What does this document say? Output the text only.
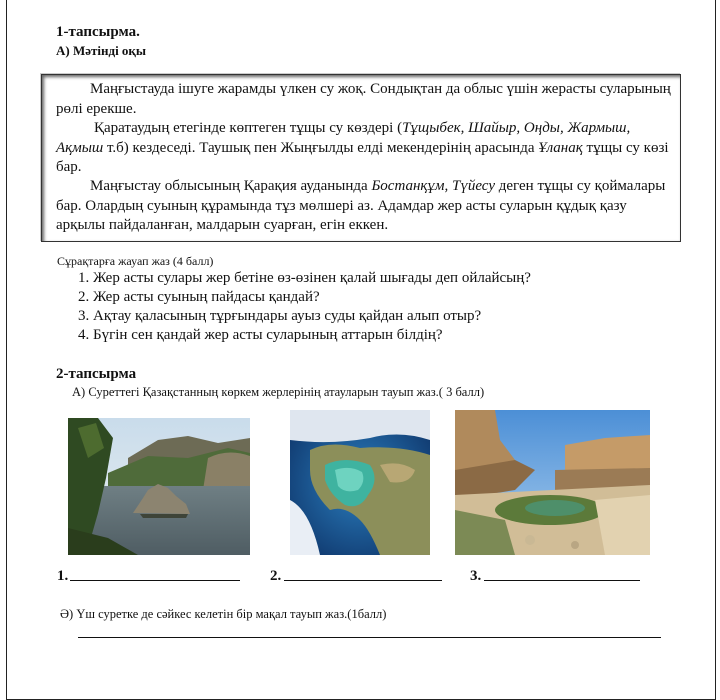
1-тапсырма.
А) Мәтінді оқы
Маңғыстауда ішуге жарамды үлкен су жоқ. Сондықтан да облыс үшін жерасты суларының рөлі ерекше.
Қаратаудың етегінде көптеген тұщы су көздері (Тұщыбек, Шайыр, Оңды, Жармыш, Ақмыш т.б) кездеседі. Таушық пен Жыңғылды елді мекендерінің арасында Ұланақ тұщы су көзі бар.
Маңғыстау облысының Қарақия ауданында Бостанқұм, Түйесу деген тұщы су қоймалары бар. Олардың суының құрамында тұз мөлшері аз. Адамдар жер асты суларын құдық қазу арқылы пайдаланған, малдарын суарған, егін еккен.
Сұрақтарға жауап жаз (4 балл)
1. Жер асты сулары жер бетіне өз-өзінен қалай шығады деп ойлайсың?
2. Жер асты суының пайдасы қандай?
3. Ақтау қаласының тұрғындары ауыз суды қайдан алып отыр?
4. Бүгін сен қандай жер асты суларының аттарын білдің?
2-тапсырма
А) Суреттегі Қазақстанның көркем жерлерінің атауларын тауып жаз.( 3 балл)
1.	2.	3.
Ә) Үш суретке де сәйкес келетін бір мақал тауып жаз.(1балл)
